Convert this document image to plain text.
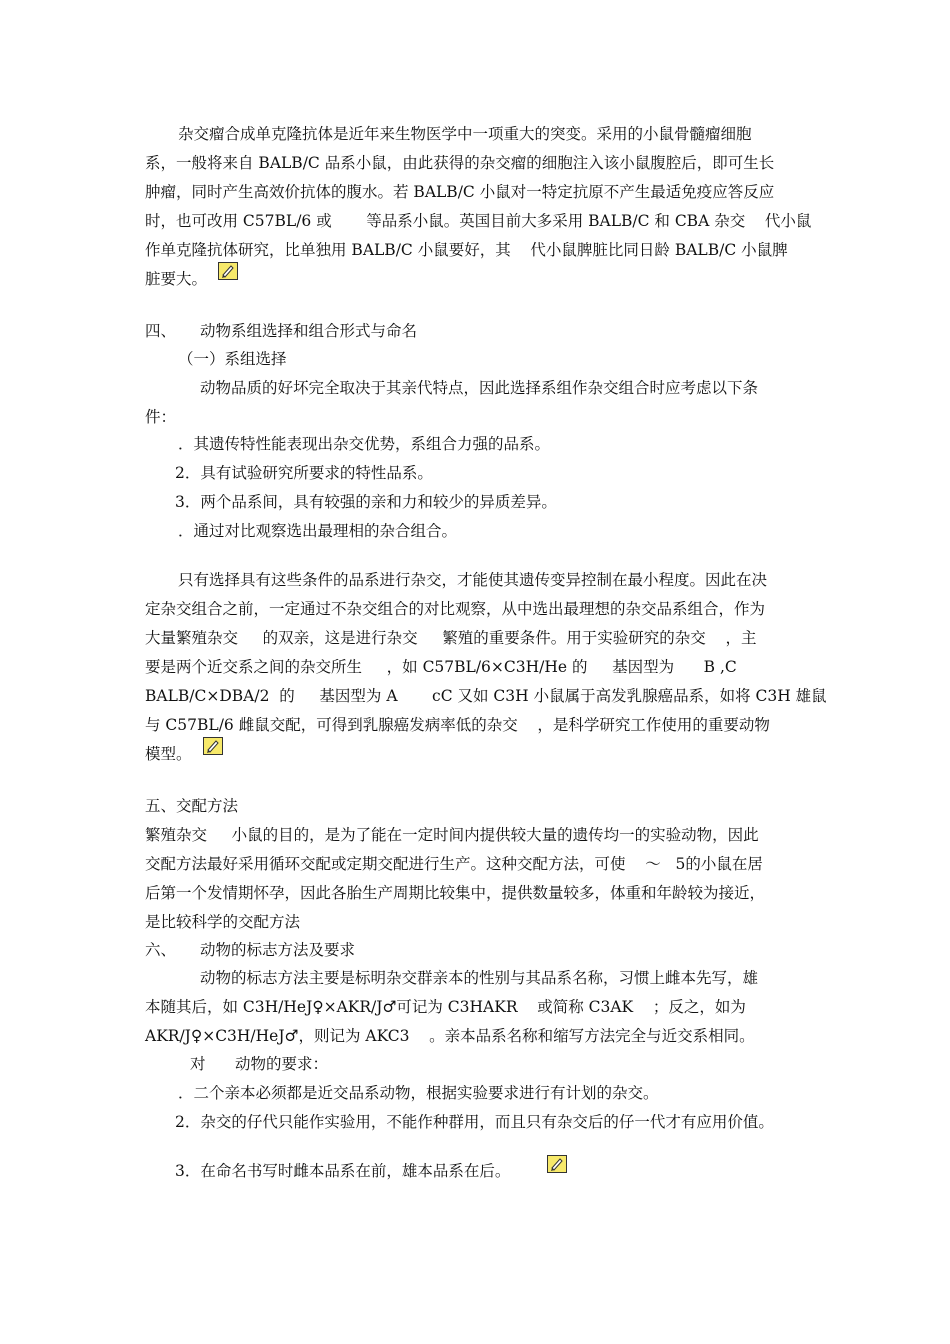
杂交瘤合成单克隆抗体是近年来生物医学中一项重大的突变。采用的小鼠骨髓瘤细胞
系，一般将来自 BALB/C 品系小鼠，由此获得的杂交瘤的细胞注入该小鼠腹腔后，即可生长
肿瘤，同时产生高效价抗体的腹水。若 BALB/C 小鼠对一特定抗原不产生最适免疫应答反应
时，也可改用 C57BL/6 或       等品系小鼠。英国目前大多采用 BALB/C 和 CBA 杂交    代小鼠
作单克隆抗体研究，比单独用 BALB/C 小鼠要好，其    代小鼠脾脏比同日龄 BALB/C 小鼠脾
脏要大。
四、 动物系组选择和组合形式与命名
（一）系组选择
动物品质的好坏完全取决于其亲代特点，因此选择系组作杂交组合时应考虑以下条
件：
．其遗传特性能表现出杂交优势，系组合力强的品系。
2．具有试验研究所要求的特性品系。
3．两个品系间，具有较强的亲和力和较少的异质差异。
．通过对比观察选出最理相的杂合组合。
只有选择具有这些条件的品系进行杂交，才能使其遗传变异控制在最小程度。因此在决
定杂交组合之前，一定通过不杂交组合的对比观察，从中选出最理想的杂交品系组合，作为
大量繁殖杂交     的双亲，这是进行杂交     繁殖的重要条件。用于实验研究的杂交    ，主
要是两个近交系之间的杂交所生     ，如 C57BL/6×C3H/He 的     基因型为      B ,C
BALB/C×DBA/2  的     基因型为 A       cC 又如 C3H 小鼠属于高发乳腺癌品系，如将 C3H 雄鼠
与 C57BL/6 雌鼠交配，可得到乳腺癌发病率低的杂交    ，是科学研究工作使用的重要动物
模型。
五、交配方法
繁殖杂交     小鼠的目的，是为了能在一定时间内提供较大量的遗传均一的实验动物，因此
交配方法最好采用循环交配或定期交配进行生产。这种交配方法，可使    ～   5的小鼠在居
后第一个发情期怀孕，因此各胎生产周期比较集中，提供数量较多，体重和年龄较为接近，
是比较科学的交配方法
六、 动物的标志方法及要求
动物的标志方法主要是标明杂交群亲本的性别与其品系名称，习惯上雌本先写，雄
本随其后，如 C3H/HeJ♀×AKR/J♂可记为 C3HAKR    或简称 C3AK    ；反之，如为
AKR/J♀×C3H/HeJ♂，则记为 AKC3    。亲本品系名称和缩写方法完全与近交系相同。
对      动物的要求：
．二个亲本必须都是近交品系动物，根据实验要求进行有计划的杂交。
2．杂交的仔代只能作实验用，不能作种群用，而且只有杂交后的仔一代才有应用价值。
3．在命名书写时雌本品系在前，雄本品系在后。
